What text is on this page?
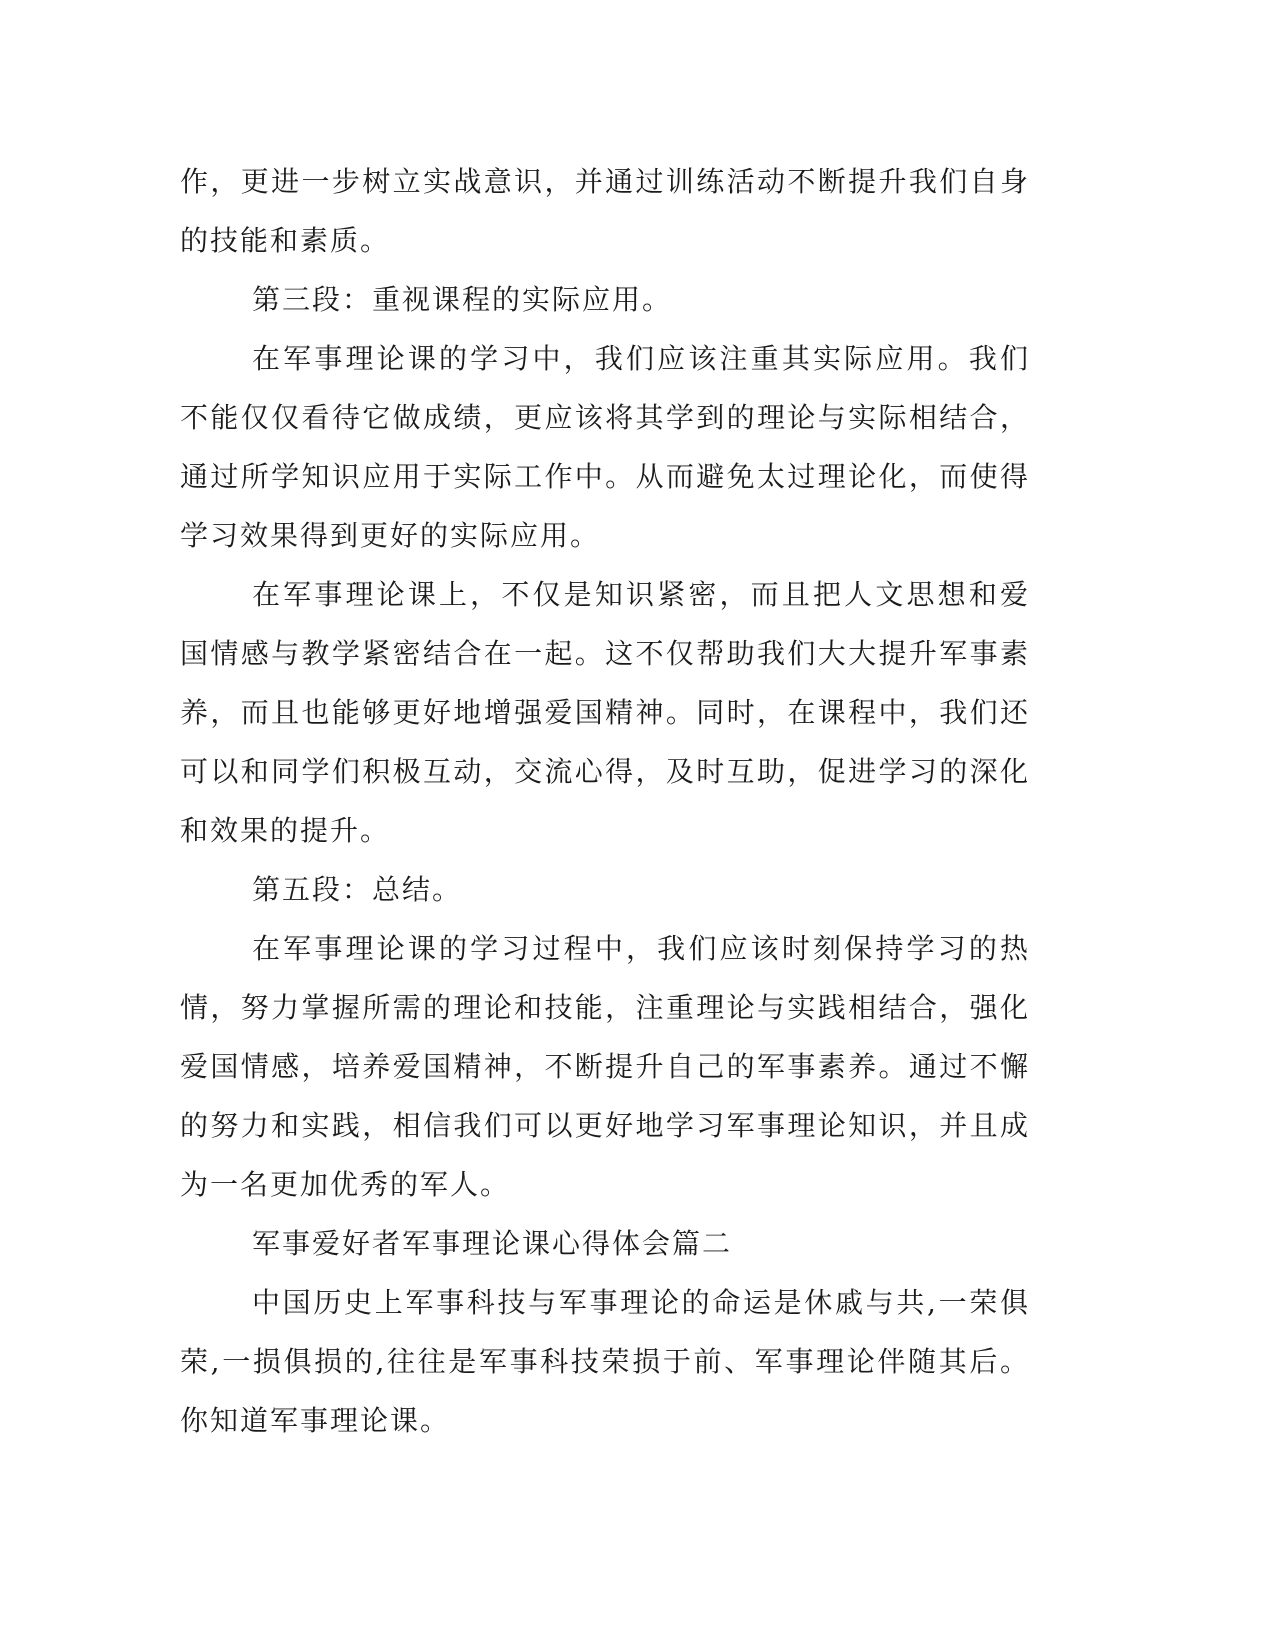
作，更进一步树立实战意识，并通过训练活动不断提升我们自身的技能和素质。

第三段：重视课程的实际应用。

在军事理论课的学习中，我们应该注重其实际应用。我们不能仅仅看待它做成绩，更应该将其学到的理论与实际相结合，通过所学知识应用于实际工作中。从而避免太过理论化，而使得学习效果得到更好的实际应用。

在军事理论课上，不仅是知识紧密，而且把人文思想和爱国情感与教学紧密结合在一起。这不仅帮助我们大大提升军事素养，而且也能够更好地增强爱国精神。同时，在课程中，我们还可以和同学们积极互动，交流心得，及时互助，促进学习的深化和效果的提升。

第五段：总结。

在军事理论课的学习过程中，我们应该时刻保持学习的热情，努力掌握所需的理论和技能，注重理论与实践相结合，强化爱国情感，培养爱国精神，不断提升自己的军事素养。通过不懈的努力和实践，相信我们可以更好地学习军事理论知识，并且成为一名更加优秀的军人。

军事爱好者军事理论课心得体会篇二

中国历史上军事科技与军事理论的命运是休戚与共,一荣俱荣,一损俱损的,往往是军事科技荣损于前、军事理论伴随其后。你知道军事理论课。
